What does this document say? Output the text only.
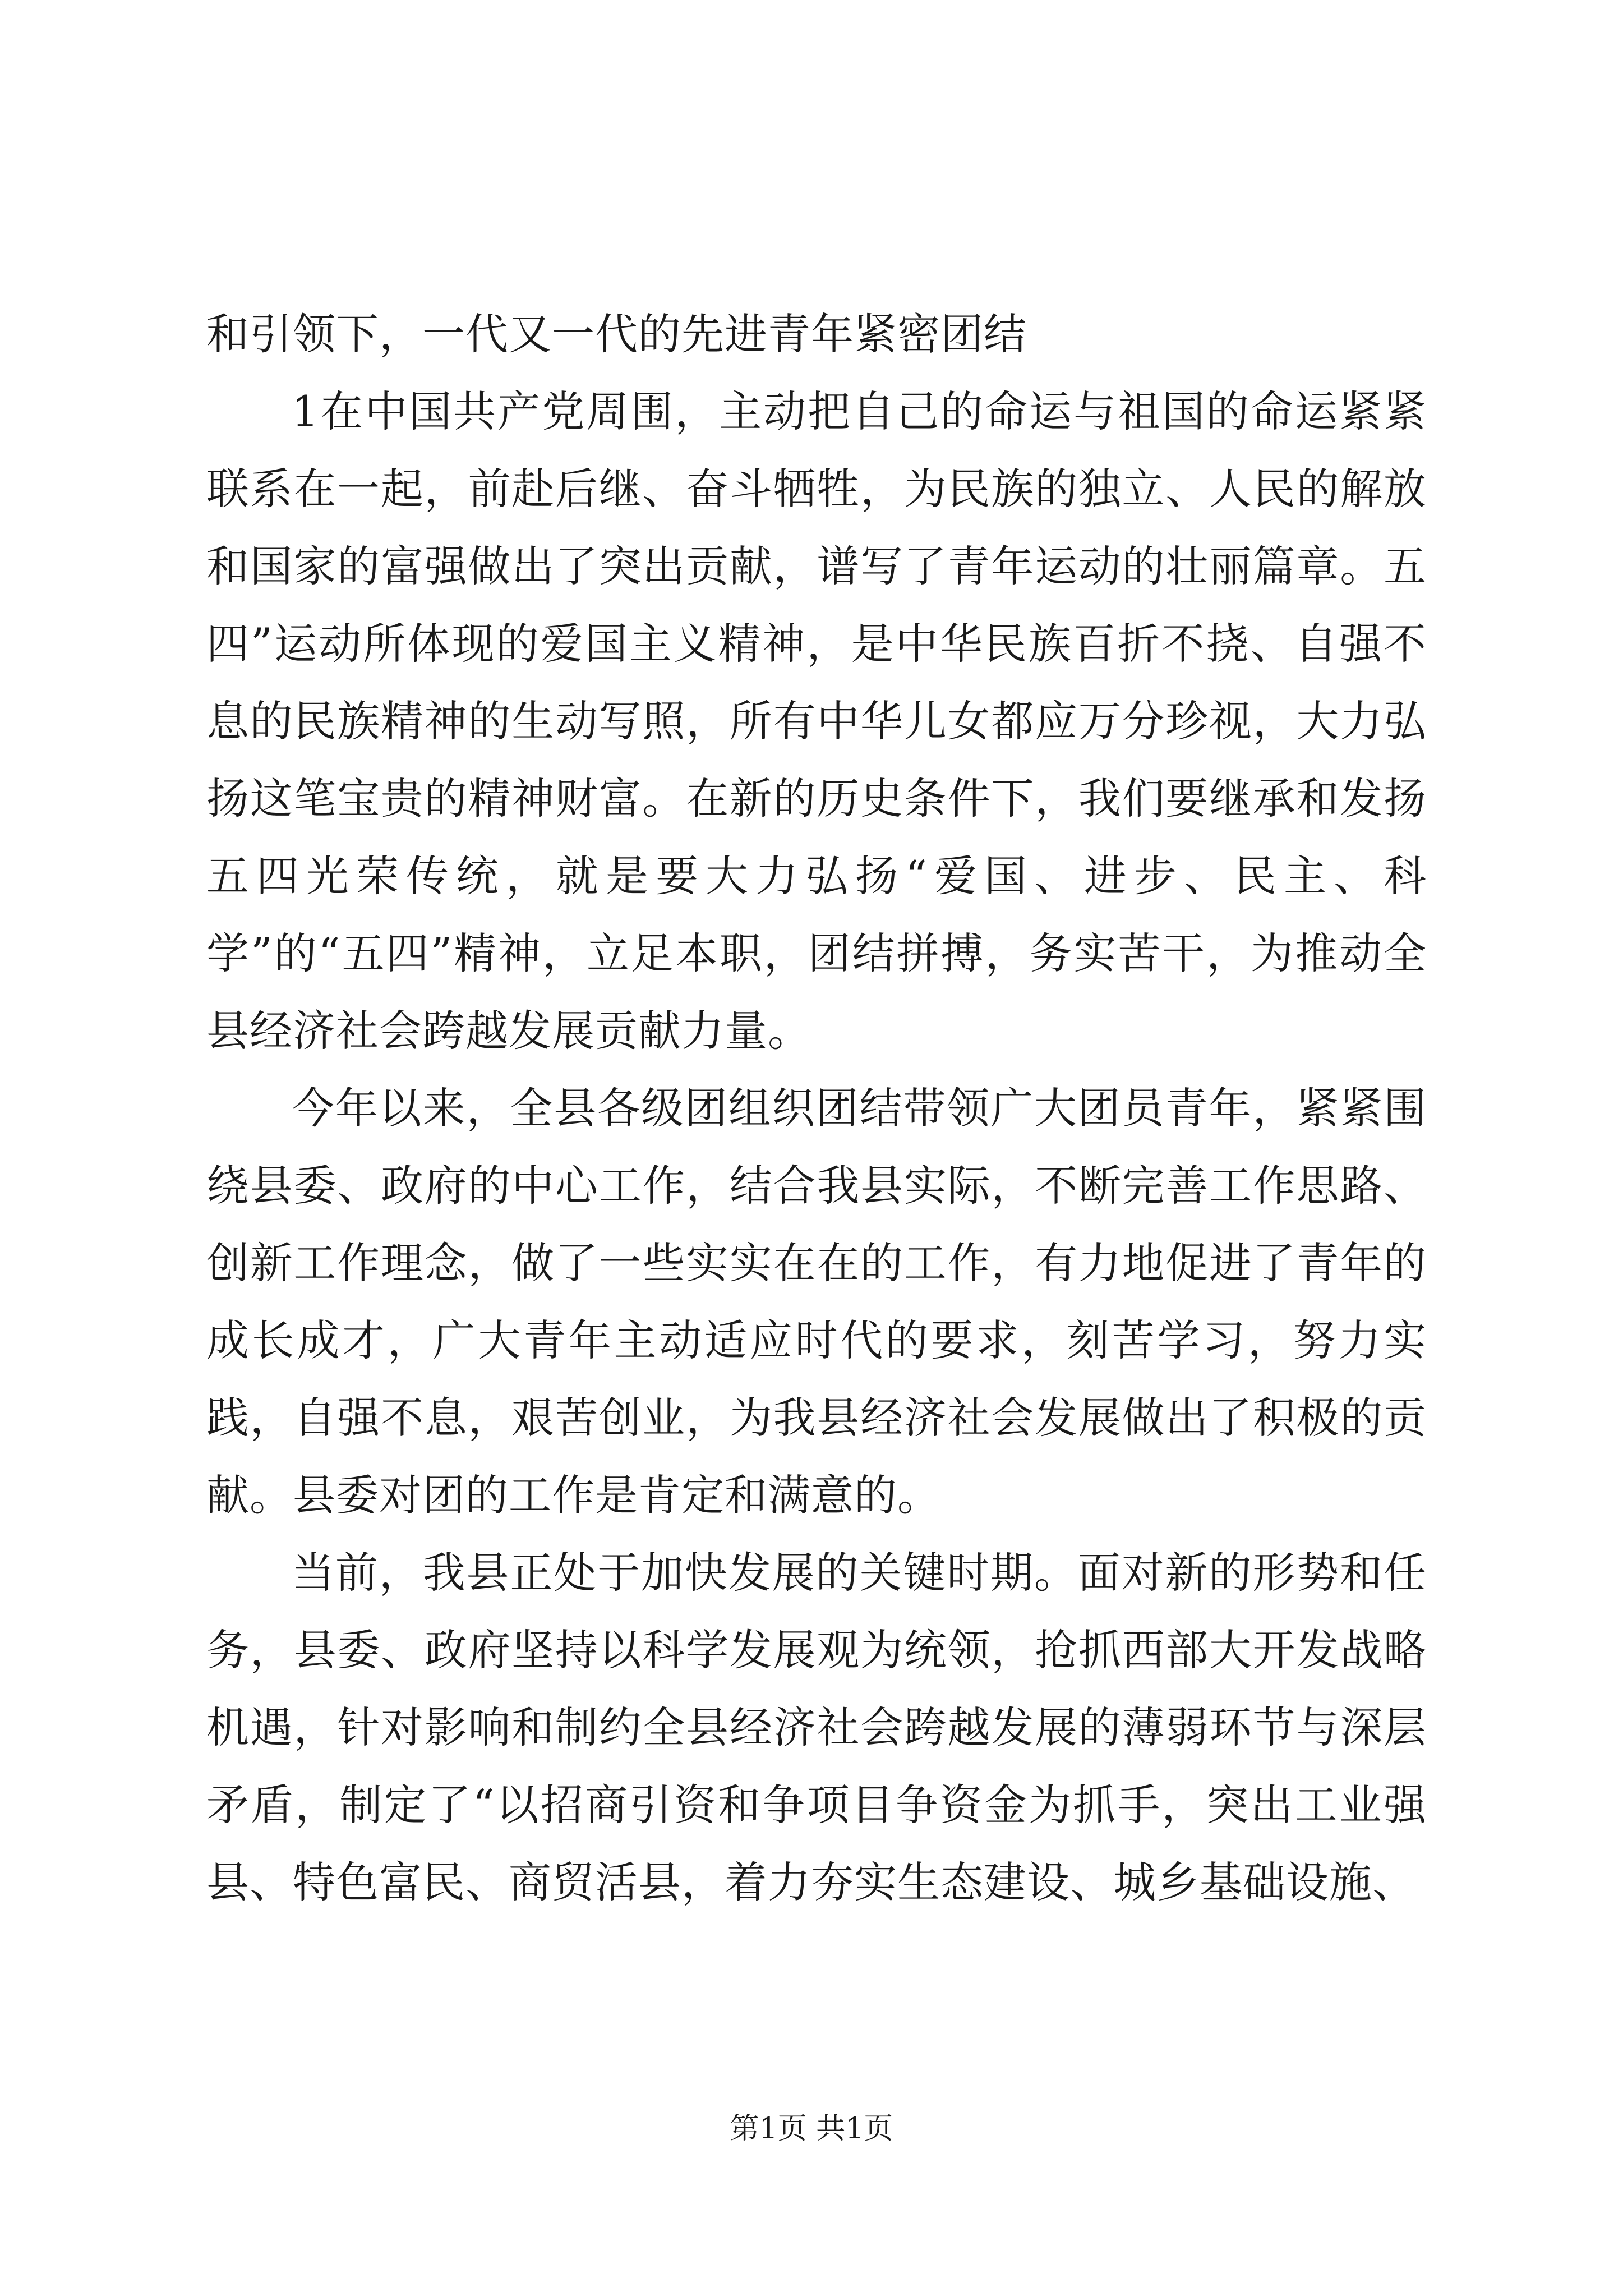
和引领下，一代又一代的先进青年紧密团结

1在中国共产党周围，主动把自己的命运与祖国的命运紧紧联系在一起，前赴后继、奋斗牺牲，为民族的独立、人民的解放和国家的富强做出了突出贡献，谱写了青年运动的壮丽篇章。五四”运动所体现的爱国主义精神，是中华民族百折不挠、自强不息的民族精神的生动写照，所有中华儿女都应万分珍视，大力弘扬这笔宝贵的精神财富。在新的历史条件下，我们要继承和发扬五四光荣传统，就是要大力弘扬“爱国、进步、民主、科学”的“五四”精神，立足本职，团结拼搏，务实苦干，为推动全县经济社会跨越发展贡献力量。

今年以来，全县各级团组织团结带领广大团员青年，紧紧围绕县委、政府的中心工作，结合我县实际，不断完善工作思路、创新工作理念，做了一些实实在在的工作，有力地促进了青年的成长成才，广大青年主动适应时代的要求，刻苦学习，努力实践，自强不息，艰苦创业，为我县经济社会发展做出了积极的贡献。县委对团的工作是肯定和满意的。

当前，我县正处于加快发展的关键时期。面对新的形势和任务，县委、政府坚持以科学发展观为统领，抢抓西部大开发战略机遇，针对影响和制约全县经济社会跨越发展的薄弱环节与深层矛盾，制定了“以招商引资和争项目争资金为抓手，突出工业强县、特色富民、商贸活县，着力夯实生态建设、城乡基础设施、

第1页 共1页
